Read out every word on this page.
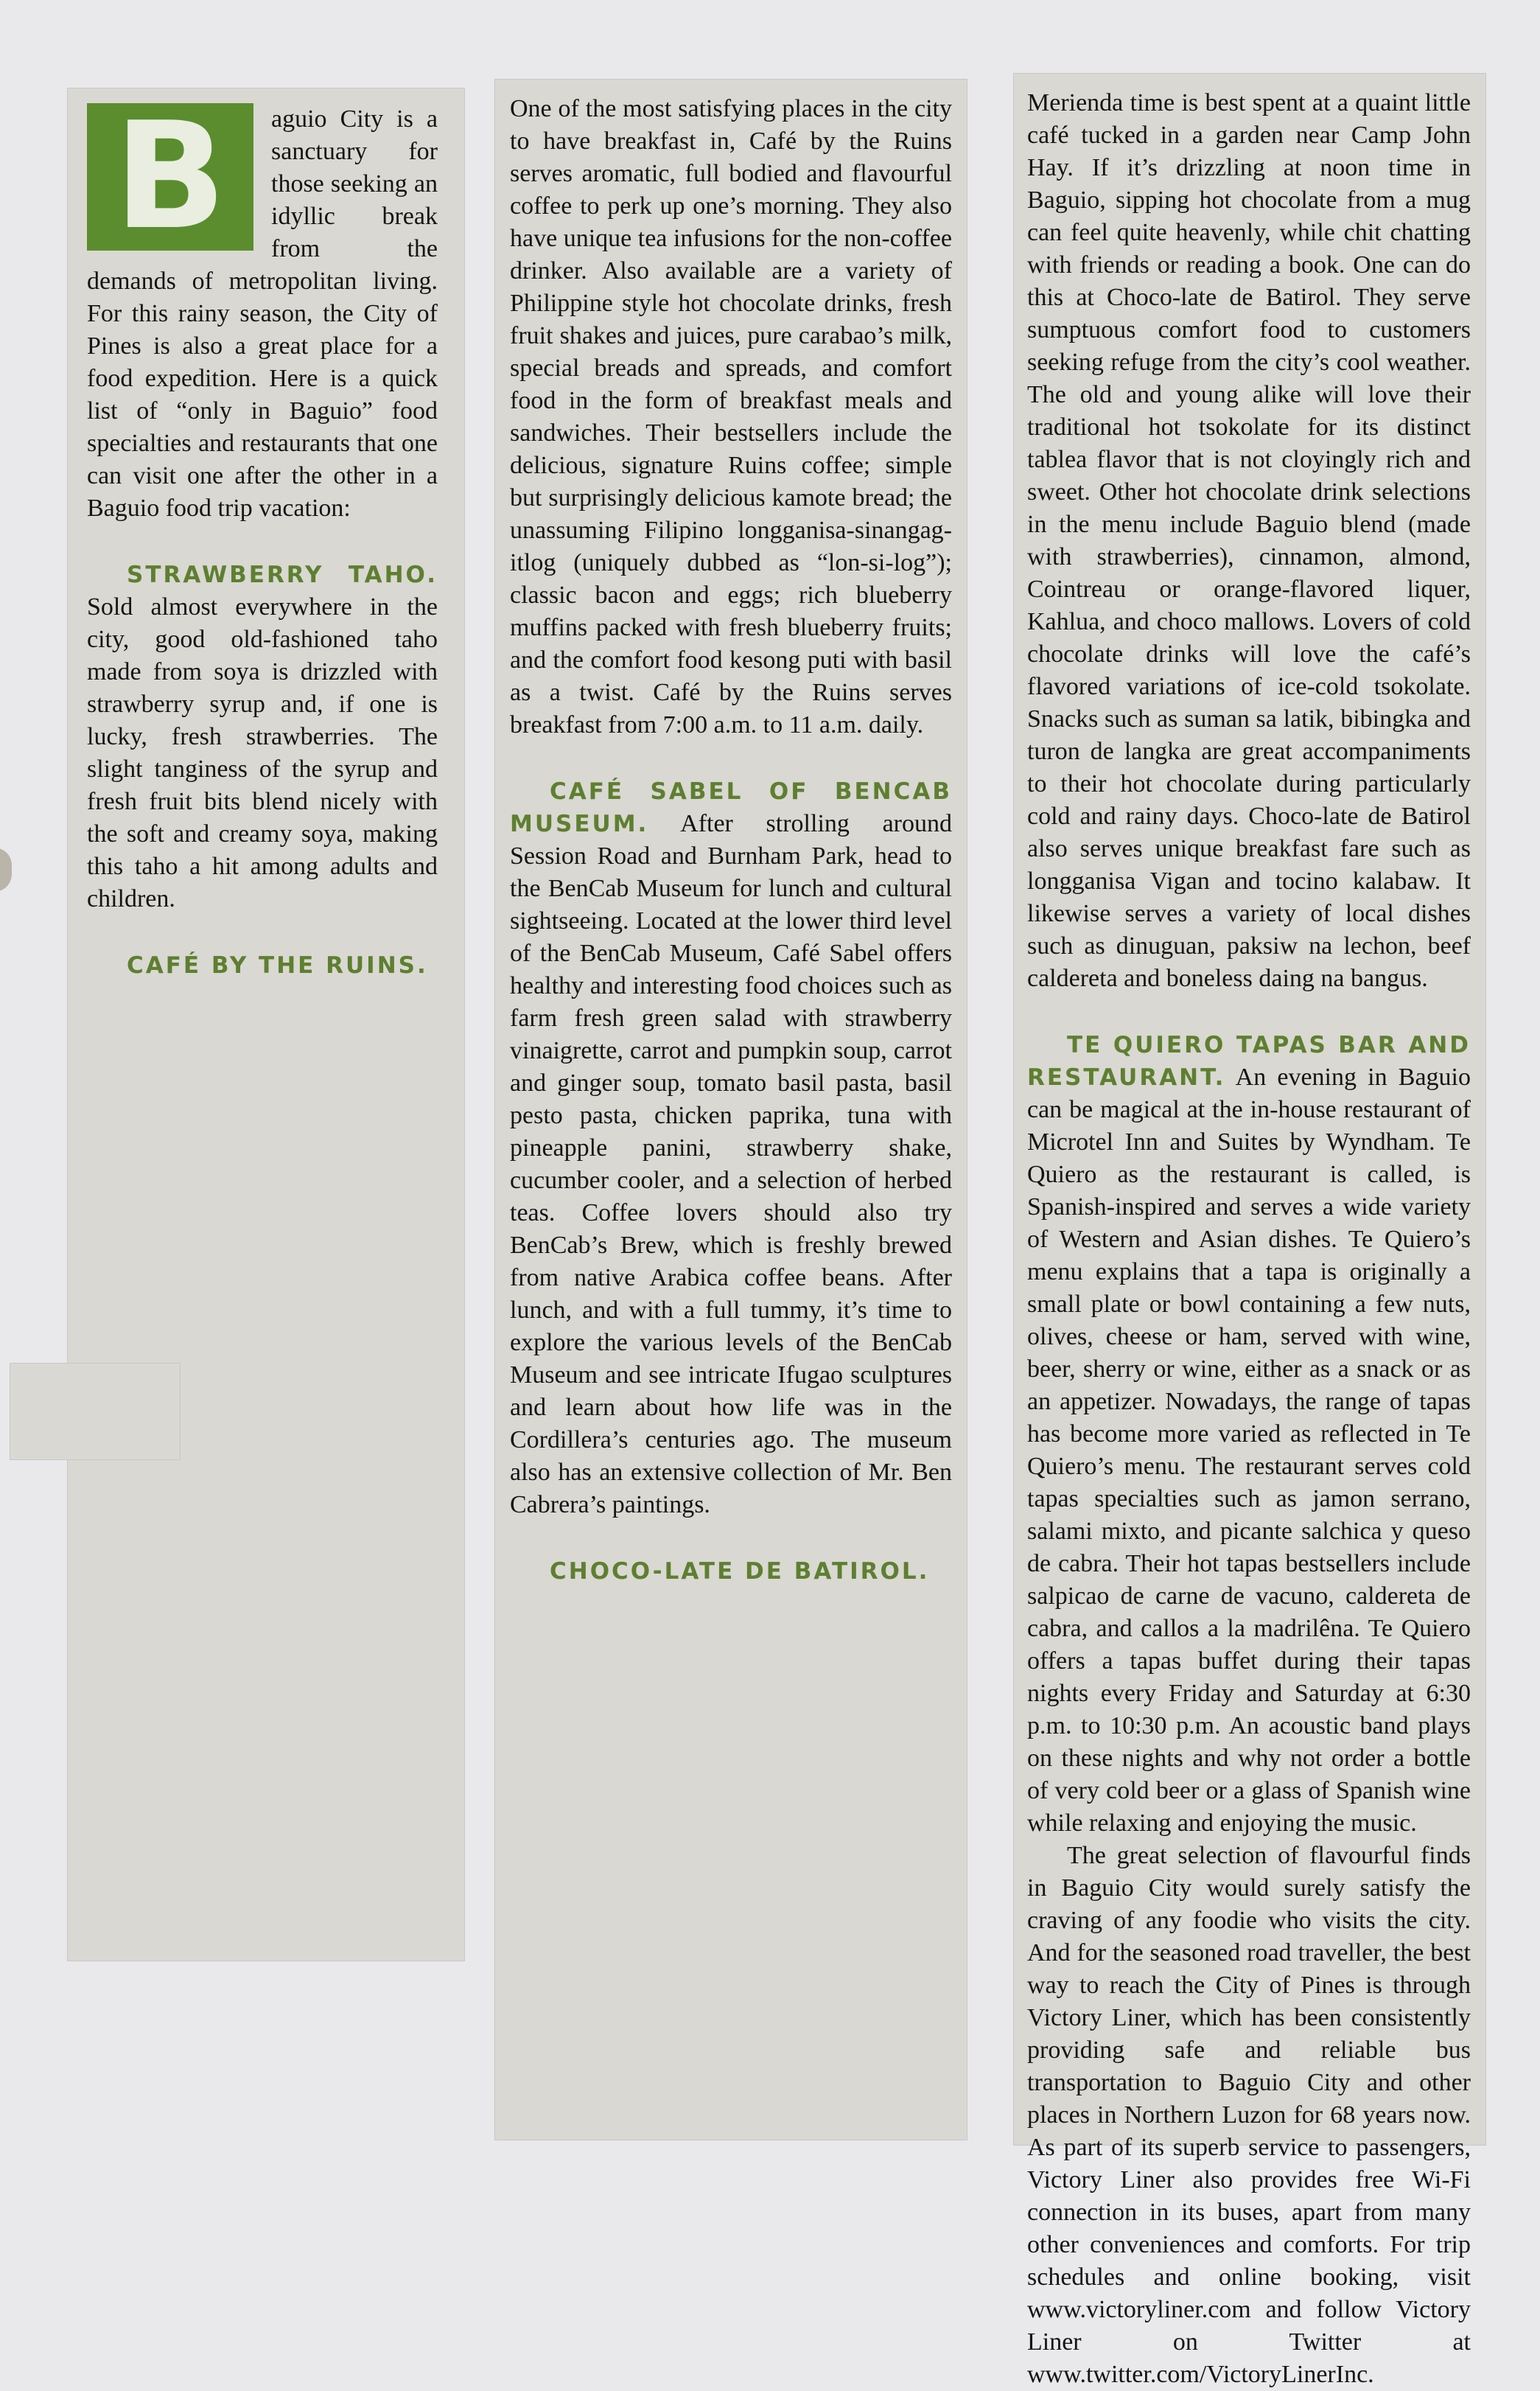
B	aguio City is a sanctuary for those seeking an idyllic break from the demands of metropolitan living. For this rainy season, the City of Pines is also a great place for a food expedition. Here is a quick list of “only in Baguio” food specialties and restaurants that one can visit one after the other in a Baguio food trip vacation:

STRAWBERRY TAHO. Sold almost everywhere in the city, good old-fashioned taho made from soya is drizzled with strawberry syrup and, if one is lucky, fresh strawberries. The slight tanginess of the syrup and fresh fruit bits blend nicely with the soft and creamy soya, making this taho a hit among adults and children.

CAFÉ BY THE RUINS.

One of the most satisfying places in the city to have breakfast in, Café by the Ruins serves aromatic, full bodied and flavourful coffee to perk up one’s morning. They also have unique tea infusions for the non-coffee drinker. Also available are a variety of Philippine style hot chocolate drinks, fresh fruit shakes and juices, pure carabao’s milk, special breads and spreads, and comfort food in the form of breakfast meals and sandwiches. Their bestsellers include the delicious, signature Ruins coffee; simple but surprisingly delicious kamote bread; the unassuming Filipino longganisa-sinangag-itlog (uniquely dubbed as “lon-si-log”); classic bacon and eggs; rich blueberry muffins packed with fresh blueberry fruits; and the comfort food kesong puti with basil as a twist. Café by the Ruins serves breakfast from 7:00 a.m. to 11 a.m. daily.

CAFÉ SABEL OF BENCAB MUSEUM. After strolling around Session Road and Burnham Park, head to the BenCab Museum for lunch and cultural sightseeing. Located at the lower third level of the BenCab Museum, Café Sabel offers healthy and interesting food choices such as farm fresh green salad with strawberry vinaigrette, carrot and pumpkin soup, carrot and ginger soup, tomato basil pasta, basil pesto pasta, chicken paprika, tuna with pineapple panini, strawberry shake, cucumber cooler, and a selection of herbed teas. Coffee lovers should also try BenCab’s Brew, which is freshly brewed from native Arabica coffee beans. After lunch, and with a full tummy, it’s time to explore the various levels of the BenCab Museum and see intricate Ifugao sculptures and learn about how life was in the Cordillera’s centuries ago. The museum also has an extensive collection of Mr. Ben Cabrera’s paintings.

CHOCO-LATE DE BATIROL.

Merienda time is best spent at a quaint little café tucked in a garden near Camp John Hay. If it’s drizzling at noon time in Baguio, sipping hot chocolate from a mug can feel quite heavenly, while chit chatting with friends or reading a book. One can do this at Choco-late de Batirol. They serve sumptuous comfort food to customers seeking refuge from the city’s cool weather. The old and young alike will love their traditional hot tsokolate for its distinct tablea flavor that is not cloyingly rich and sweet. Other hot chocolate drink selections in the menu include Baguio blend (made with strawberries), cinnamon, almond, Cointreau or orange-flavored liquer, Kahlua, and choco mallows. Lovers of cold chocolate drinks will love the café’s flavored variations of ice-cold tsokolate. Snacks such as suman sa latik, bibingka and turon de langka are great accompaniments to their hot chocolate during particularly cold and rainy days. Choco-late de Batirol also serves unique breakfast fare such as longganisa Vigan and tocino kalabaw. It likewise serves a variety of local dishes such as dinuguan, paksiw na lechon, beef caldereta and boneless daing na bangus.

TE QUIERO TAPAS BAR AND RESTAURANT. An evening in Baguio can be magical at the in-house restaurant of Microtel Inn and Suites by Wyndham. Te Quiero as the restaurant is called, is Spanish-inspired and serves a wide variety of Western and Asian dishes. Te Quiero’s menu explains that a tapa is originally a small plate or bowl containing a few nuts, olives, cheese or ham, served with wine, beer, sherry or wine, either as a snack or as an appetizer. Nowadays, the range of tapas has become more varied as reflected in Te Quiero’s menu. The restaurant serves cold tapas specialties such as jamon serrano, salami mixto, and picante salchica y queso de cabra. Their hot tapas bestsellers include salpicao de carne de vacuno, caldereta de cabra, and callos a la madrilêna. Te Quiero offers a tapas buffet during their tapas nights every Friday and Saturday at 6:30 p.m. to 10:30 p.m. An acoustic band plays on these nights and why not order a bottle of very cold beer or a glass of Spanish wine while relaxing and enjoying the music.

The great selection of flavourful finds in Baguio City would surely satisfy the craving of any foodie who visits the city. And for the seasoned road traveller, the best way to reach the City of Pines is through Victory Liner, which has been consistently providing safe and reliable bus transportation to Baguio City and other places in Northern Luzon for 68 years now. As part of its superb service to passengers, Victory Liner also provides free Wi-Fi connection in its buses, apart from many other conveniences and comforts. For trip schedules and online booking, visit www.victoryliner.com and follow Victory Liner on Twitter at www.twitter.com/VictoryLinerInc.
